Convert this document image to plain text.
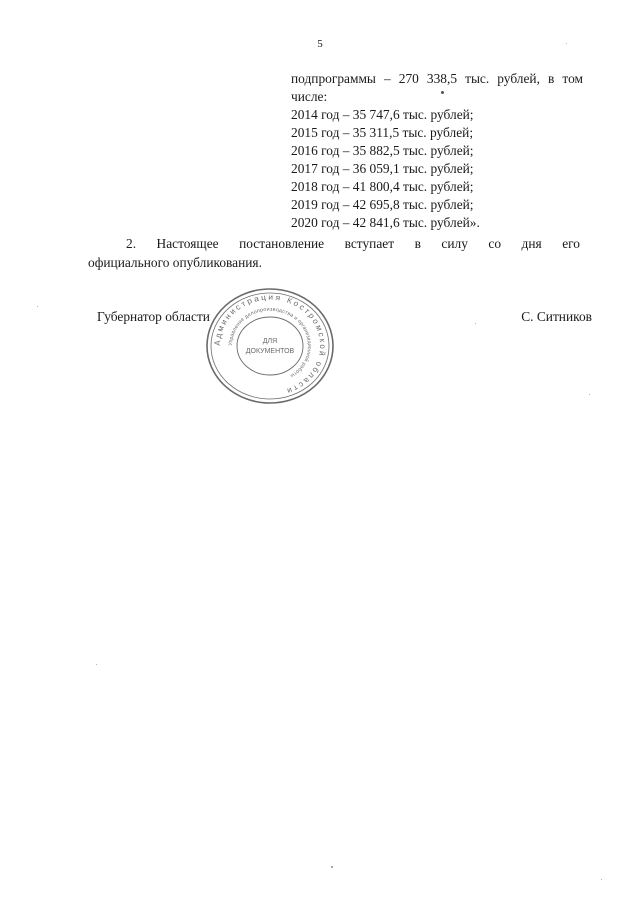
5
подпрограммы – 270 338,5 тыс. рублей, в том числе:
2014 год – 35 747,6 тыс. рублей;
2015 год – 35 311,5 тыс. рублей;
2016 год – 35 882,5 тыс. рублей;
2017 год – 36 059,1 тыс. рублей;
2018 год – 41 800,4 тыс. рублей;
2019 год – 42 695,8 тыс. рублей;
2020 год – 42 841,6 тыс. рублей».
2. Настоящее постановление вступает в силу со дня его
официального опубликования.
Администрация Костромской области
Управление делопроизводства и организационной работы
ДЛЯ
ДОКУМЕНТОВ
Губернатор области	С. Ситников
